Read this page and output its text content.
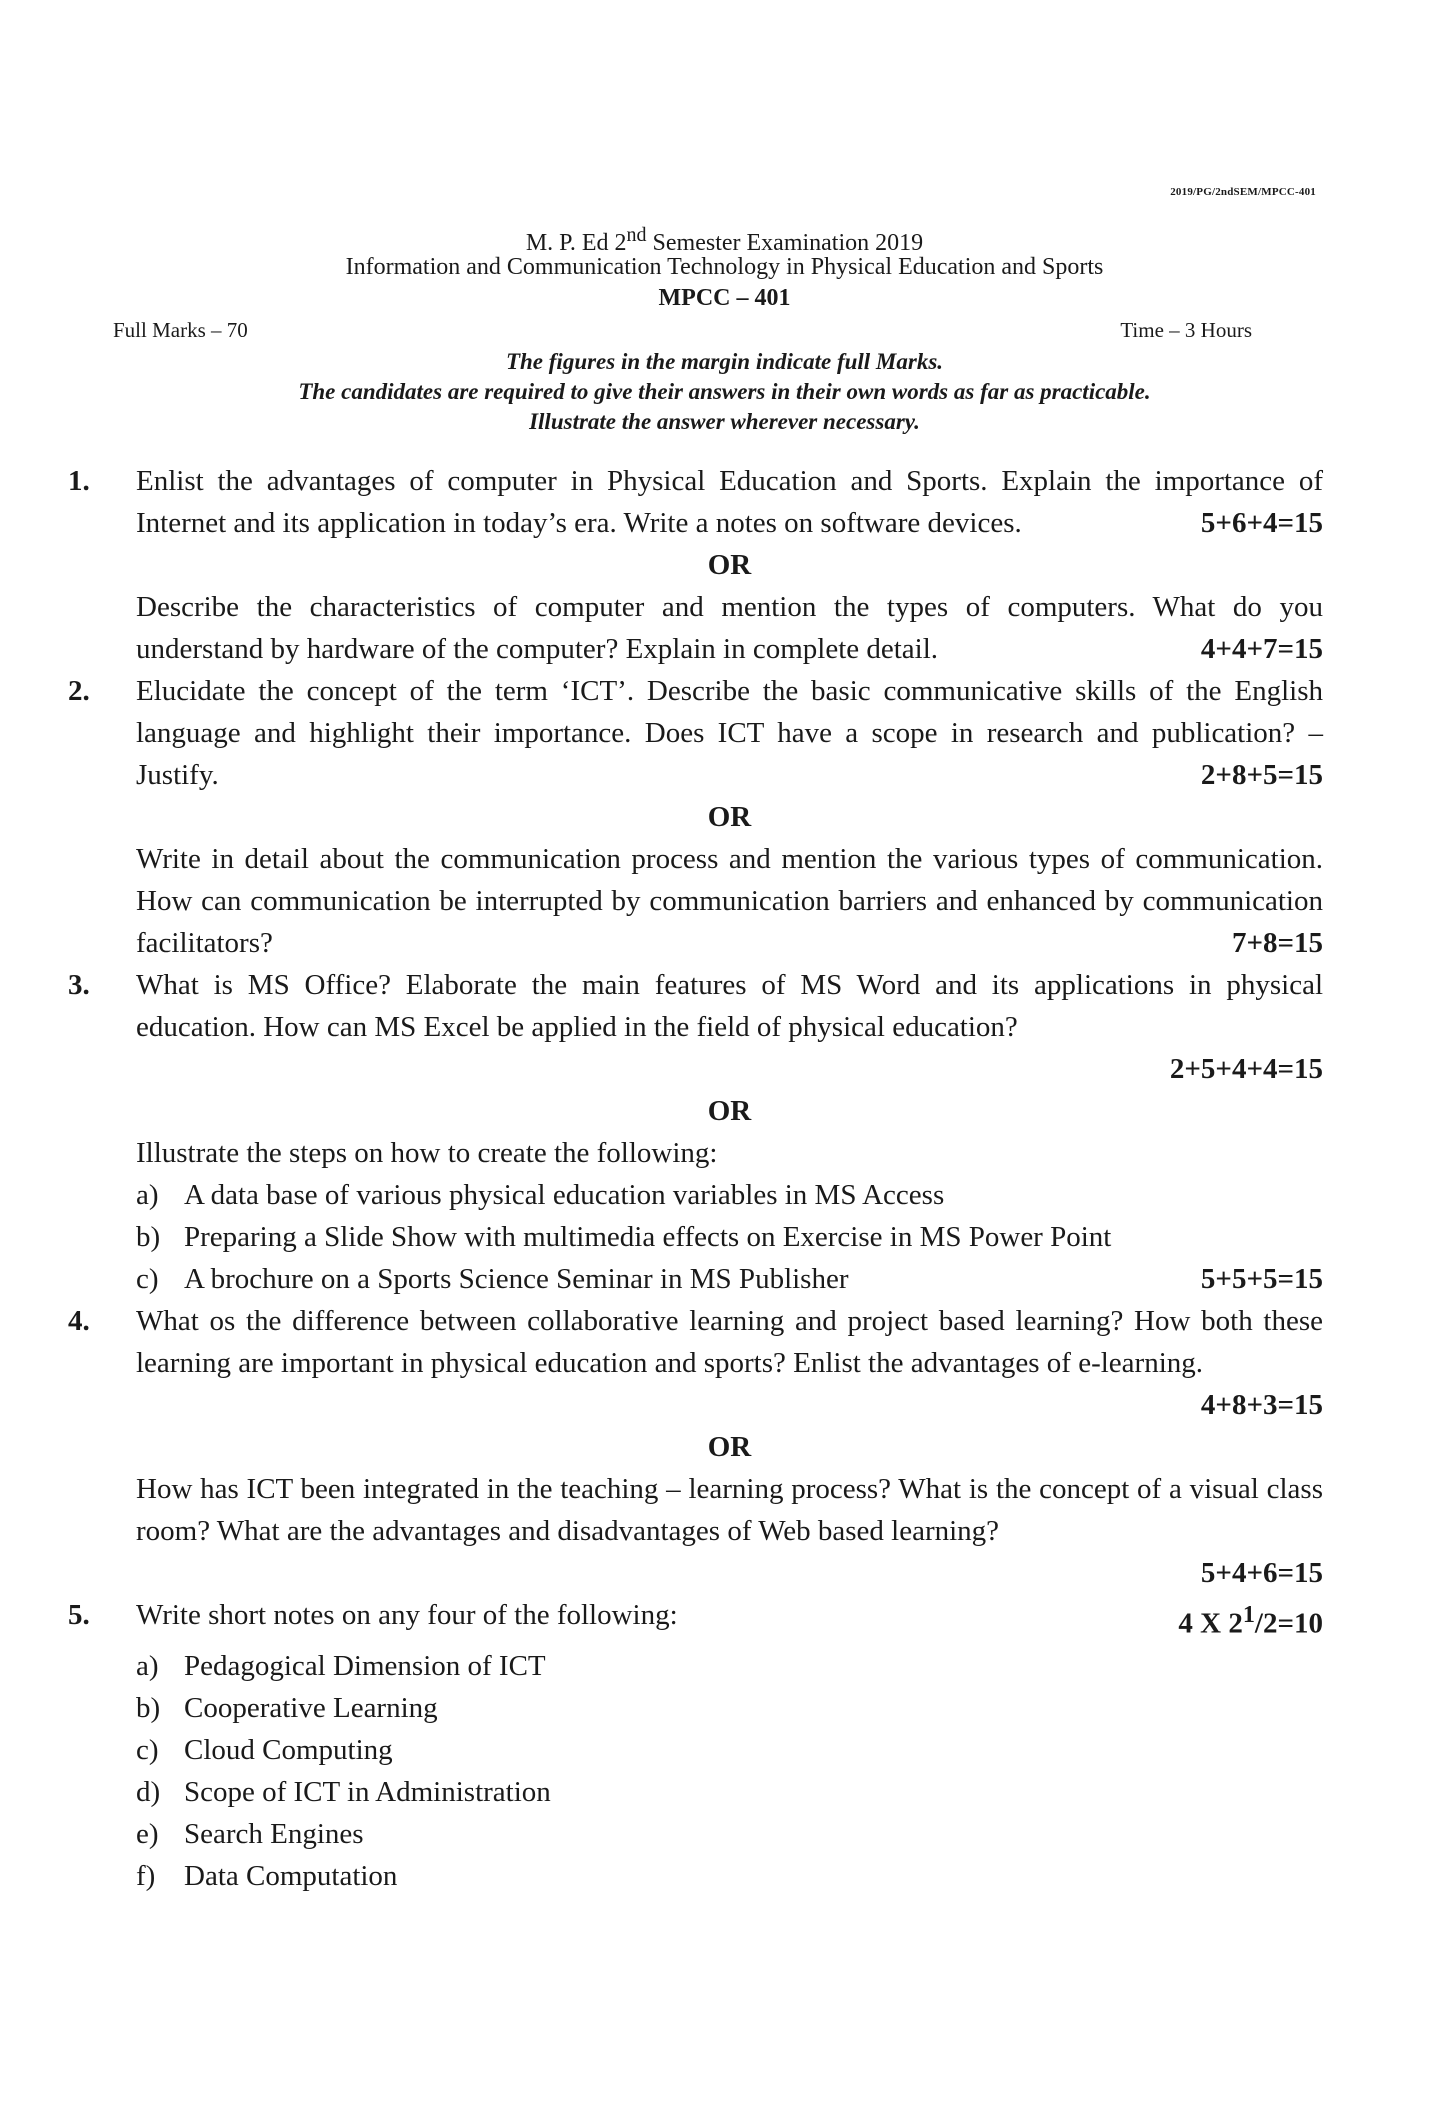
2019/PG/2ndSEM/MPCC-401
M. P. Ed 2nd Semester Examination 2019
Information and Communication Technology in Physical Education and Sports
MPCC – 401
Full Marks – 70	Time – 3 Hours
The figures in the margin indicate full Marks.
The candidates are required to give their answers in their own words as far as practicable.
Illustrate the answer wherever necessary.
1. Enlist the advantages of computer in Physical Education and Sports. Explain the importance of Internet and its application in today’s era. Write a notes on software devices.	5+6+4=15
OR
Describe the characteristics of computer and mention the types of computers. What do you understand by hardware of the computer? Explain in complete detail.	4+4+7=15
2. Elucidate the concept of the term ‘ICT’. Describe the basic communicative skills of the English language and highlight their importance. Does ICT have a scope in research and publication? – Justify.	2+8+5=15
OR
Write in detail about the communication process and mention the various types of communication. How can communication be interrupted by communication barriers and enhanced by communication facilitators?	7+8=15
3. What is MS Office? Elaborate the main features of MS Word and its applications in physical education. How can MS Excel be applied in the field of physical education?
2+5+4+4=15
OR
Illustrate the steps on how to create the following:
a) A data base of various physical education variables in MS Access
b) Preparing a Slide Show with multimedia effects on Exercise in MS Power Point
c) A brochure on a Sports Science Seminar in MS Publisher	5+5+5=15
4. What os the difference between collaborative learning and project based learning? How both these learning are important in physical education and sports? Enlist the advantages of e-learning.
4+8+3=15
OR
How has ICT been integrated in the teaching – learning process? What is the concept of a visual class room? What are the advantages and disadvantages of Web based learning?
5+4+6=15
5. Write short notes on any four of the following:	4 X $2^1/2=10$
a) Pedagogical Dimension of ICT
b) Cooperative Learning
c) Cloud Computing
d) Scope of ICT in Administration
e) Search Engines
f) Data Computation
